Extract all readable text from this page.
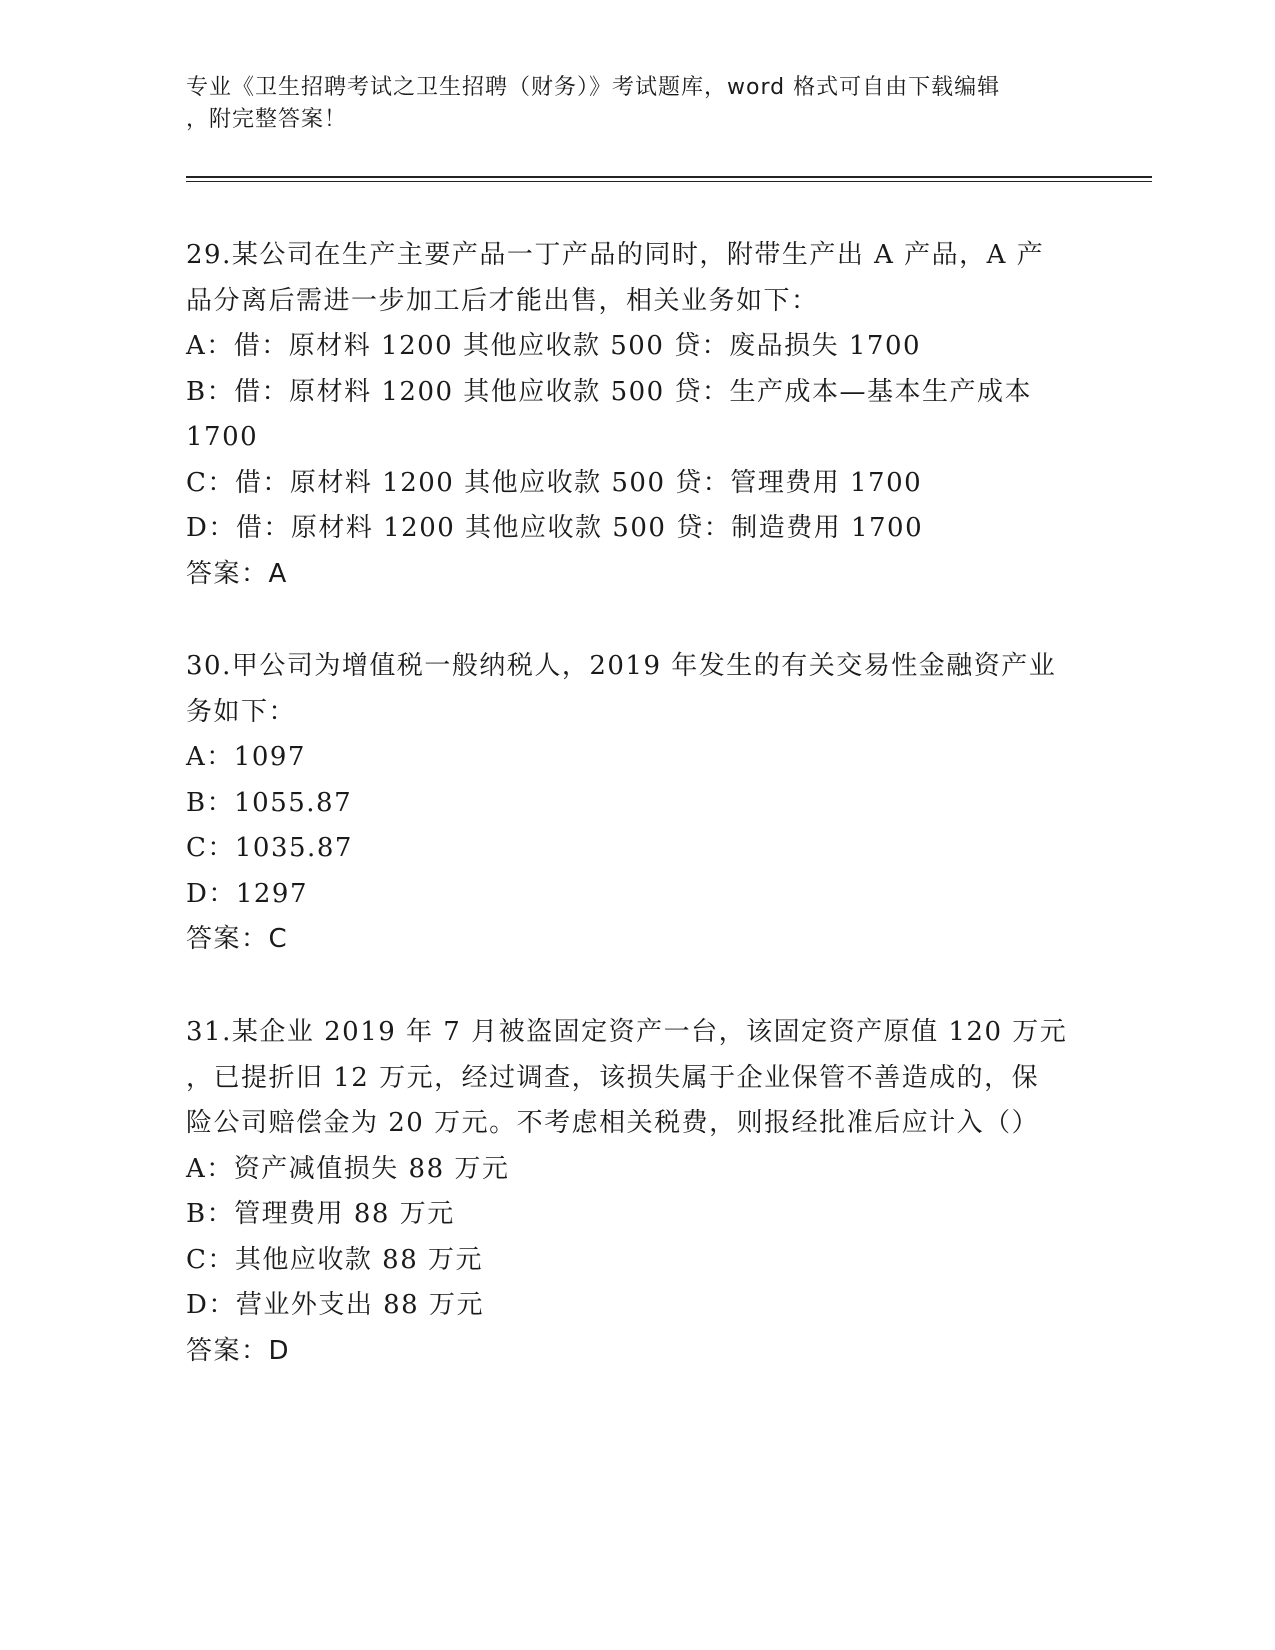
专业《卫生招聘考试之卫生招聘（财务）》考试题库，word 格式可自由下载编辑

，附完整答案！

29.某公司在生产主要产品一丁产品的同时，附带生产出 A 产品，A 产

品分离后需进一步加工后才能出售，相关业务如下：

A：借：原材料 1200 其他应收款 500 贷：废品损失 1700

B：借：原材料 1200 其他应收款 500 贷：生产成本—基本生产成本

1700

C：借：原材料 1200 其他应收款 500 贷：管理费用 1700

D：借：原材料 1200 其他应收款 500 贷：制造费用 1700

答案：A

30.甲公司为增值税一般纳税人，2019 年发生的有关交易性金融资产业

务如下：

A：1097

B：1055.87

C：1035.87

D：1297

答案：C

31.某企业 2019 年 7 月被盗固定资产一台，该固定资产原值 120 万元

，已提折旧 12 万元，经过调查，该损失属于企业保管不善造成的，保

险公司赔偿金为 20 万元。不考虑相关税费，则报经批准后应计入（）

A：资产减值损失 88 万元

B：管理费用 88 万元

C：其他应收款 88 万元

D：营业外支出 88 万元

答案：D
